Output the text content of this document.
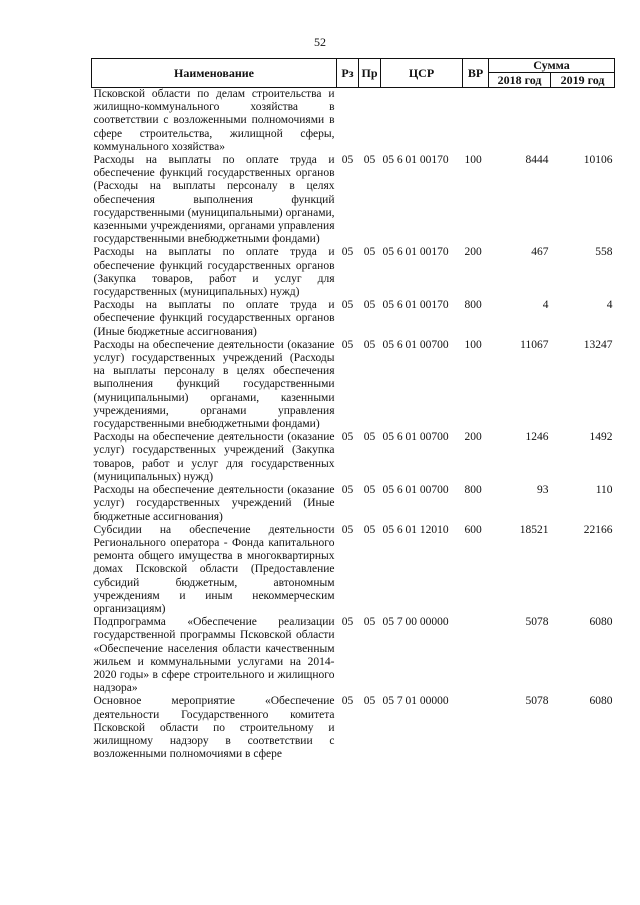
52
Наименование	Рз	Пр	ЦСР	ВР	Сумма	
					2018 год	2019 год
Псковской области по делам строительства и жилищно-коммунального хозяйства в соответствии с возложенными полномочиями в сфере строительства, жилищной сферы, коммунального хозяйства»						
Расходы на выплаты по оплате труда и обеспечение функций государственных органов (Расходы на выплаты персоналу в целях обеспечения выполнения функций государственными (муниципальными) органами, казенными учреждениями, органами управления государственными внебюджетными фондами)	05	05	05 6 01 00170	100	8444	10106
Расходы на выплаты по оплате труда и обеспечение функций государственных органов (Закупка товаров, работ и услуг для государственных (муниципальных) нужд)	05	05	05 6 01 00170	200	467	558
Расходы на выплаты по оплате труда и обеспечение функций государственных органов (Иные бюджетные ассигнования)	05	05	05 6 01 00170	800	4	4
Расходы на обеспечение деятельности (оказание услуг) государственных учреждений (Расходы на выплаты персоналу в целях обеспечения выполнения функций государственными (муниципальными) органами, казенными учреждениями, органами управления государственными внебюджетными фондами)	05	05	05 6 01 00700	100	11067	13247
Расходы на обеспечение деятельности (оказание услуг) государственных учреждений (Закупка товаров, работ и услуг для государственных (муниципальных) нужд)	05	05	05 6 01 00700	200	1246	1492
Расходы на обеспечение деятельности (оказание услуг) государственных учреждений (Иные бюджетные ассигнования)	05	05	05 6 01 00700	800	93	110
Субсидии на обеспечение деятельности Регионального оператора - Фонда капитального ремонта общего имущества в многоквартирных домах Псковской области (Предоставление субсидий бюджетным, автономным учреждениям и иным некоммерческим организациям)	05	05	05 6 01 12010	600	18521	22166
Подпрограмма «Обеспечение реализации государственной программы Псковской области «Обеспечение населения области качественным жильем и коммунальными услугами на 2014-2020 годы» в сфере строительного и жилищного надзора»	05	05	05 7 00 00000		5078	6080
Основное мероприятие «Обеспечение деятельности Государственного комитета Псковской области по строительному и жилищному надзору в соответствии с возложенными полномочиями в сфере	05	05	05 7 01 00000		5078	6080
